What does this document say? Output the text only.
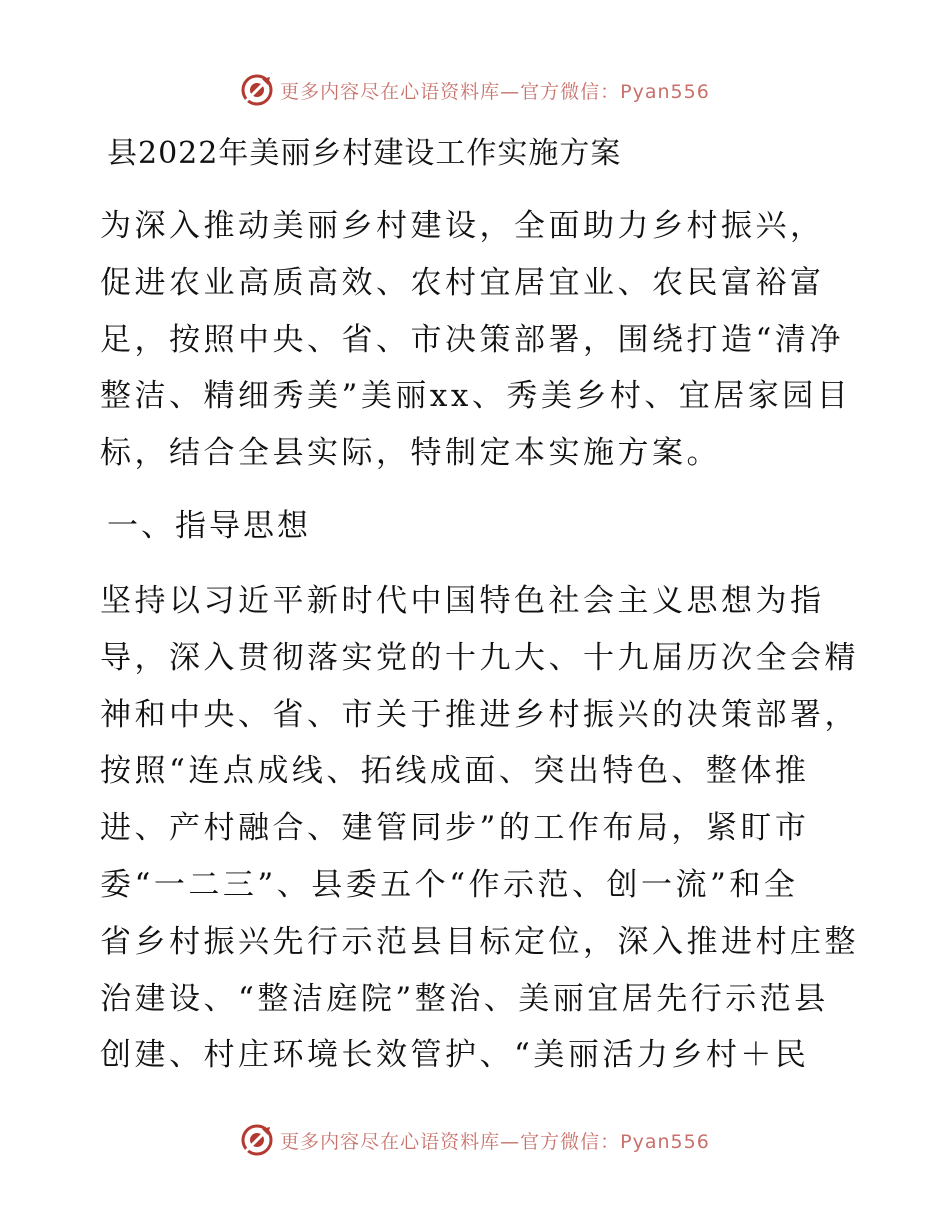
更多内容尽在心语资料库—官方微信：Pyan556
县2022年美丽乡村建设工作实施方案

为深入推动美丽乡村建设，全面助力乡村振兴，
促进农业高质高效、农村宜居宜业、农民富裕富
足，按照中央、省、市决策部署，围绕打造“清净
整洁、精细秀美”美丽xx、秀美乡村、宜居家园目
标，结合全县实际，特制定本实施方案。

一、指导思想

坚持以习近平新时代中国特色社会主义思想为指
导，深入贯彻落实党的十九大、十九届历次全会精
神和中央、省、市关于推进乡村振兴的决策部署，
按照“连点成线、拓线成面、突出特色、整体推
进、产村融合、建管同步”的工作布局，紧盯市
委“一二三”、县委五个“作示范、创一流”和全
省乡村振兴先行示范县目标定位，深入推进村庄整
治建设、“整洁庭院”整治、美丽宜居先行示范县
创建、村庄环境长效管护、“美丽活力乡村＋民

更多内容尽在心语资料库—官方微信：Pyan556
